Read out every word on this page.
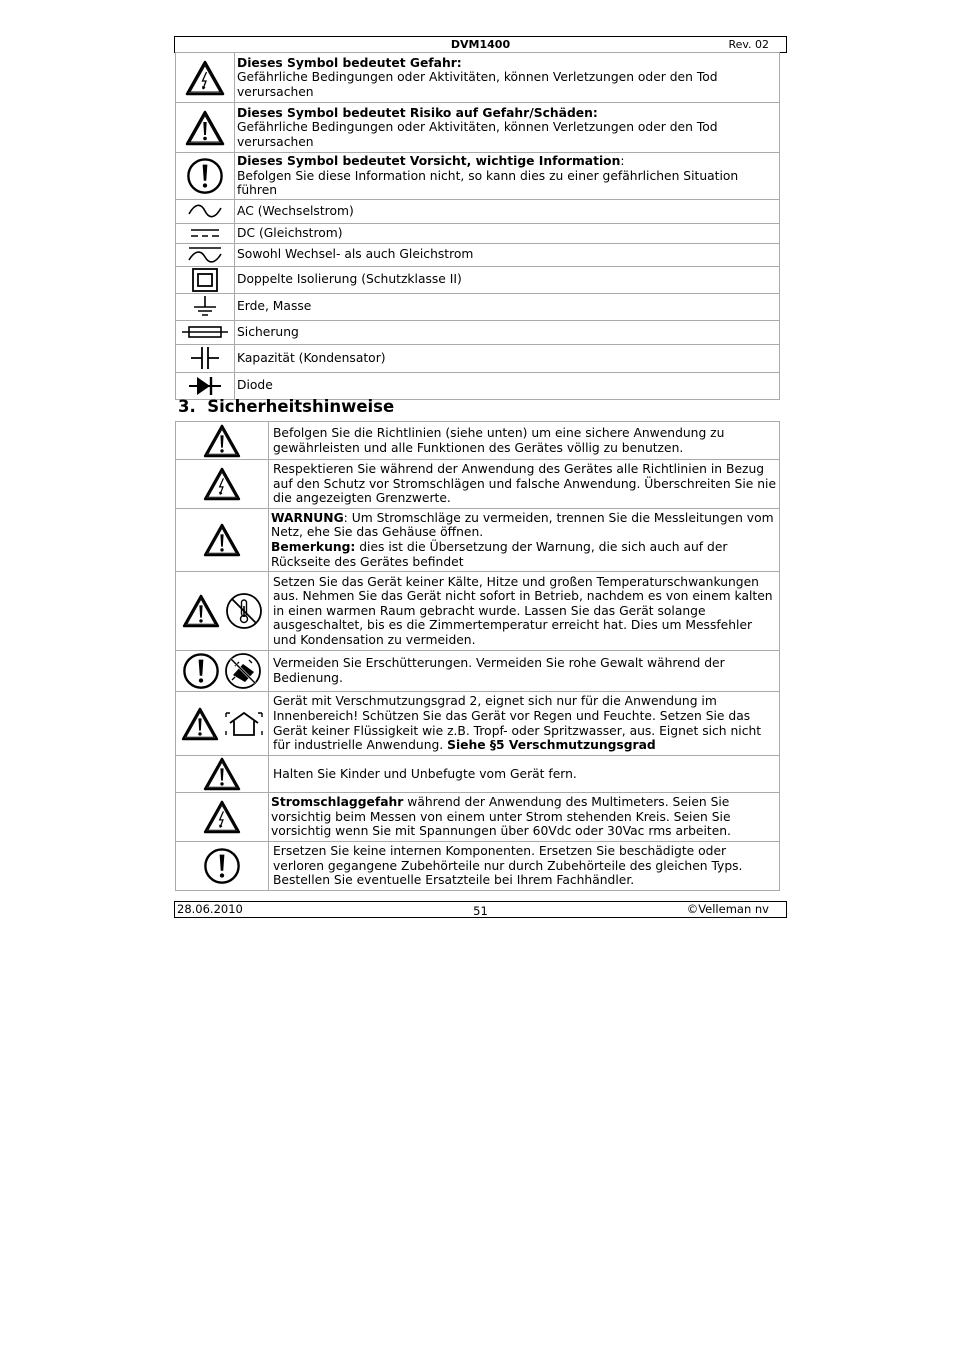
DVM1400	Rev. 02
	Dieses Symbol bedeutet Gefahr:
Gefährliche Bedingungen oder Aktivitäten, können Verletzungen oder den Tod verursachen
	Dieses Symbol bedeutet Risiko auf Gefahr/Schäden:
Gefährliche Bedingungen oder Aktivitäten, können Verletzungen oder den Tod verursachen
	Dieses Symbol bedeutet Vorsicht, wichtige Information:
Befolgen Sie diese Information nicht, so kann dies zu einer gefährlichen Situation führen
	AC (Wechselstrom)
	DC (Gleichstrom)
	Sowohl Wechsel- als auch Gleichstrom
	Doppelte Isolierung (Schutzklasse II)
	Erde, Masse
	Sicherung
	Kapazität (Kondensator)
	Diode
3. Sicherheitshinweise
	Befolgen Sie die Richtlinien (siehe unten) um eine sichere Anwendung zu gewährleisten und alle Funktionen des Gerätes völlig zu benutzen.
	Respektieren Sie während der Anwendung des Gerätes alle Richtlinien in Bezug auf den Schutz vor Stromschlägen und falsche Anwendung. Überschreiten Sie nie die angezeigten Grenzwerte.
	WARNUNG: Um Stromschläge zu vermeiden, trennen Sie die Messleitungen vom Netz, ehe Sie das Gehäuse öffnen.
Bemerkung: dies ist die Übersetzung der Warnung, die sich auch auf der Rückseite des Gerätes befindet
	Setzen Sie das Gerät keiner Kälte, Hitze und großen Temperaturschwankungen aus. Nehmen Sie das Gerät nicht sofort in Betrieb, nachdem es von einem kalten in einen warmen Raum gebracht wurde. Lassen Sie das Gerät solange ausgeschaltet, bis es die Zimmertemperatur erreicht hat. Dies um Messfehler und Kondensation zu vermeiden.
	Vermeiden Sie Erschütterungen. Vermeiden Sie rohe Gewalt während der Bedienung.
	Gerät mit Verschmutzungsgrad 2, eignet sich nur für die Anwendung im Innenbereich! Schützen Sie das Gerät vor Regen und Feuchte. Setzen Sie das Gerät keiner Flüssigkeit wie z.B. Tropf- oder Spritzwasser, aus. Eignet sich nicht für industrielle Anwendung. Siehe §5 Verschmutzungsgrad
	Halten Sie Kinder und Unbefugte vom Gerät fern.
	Stromschlaggefahr während der Anwendung des Multimeters. Seien Sie vorsichtig beim Messen von einem unter Strom stehenden Kreis. Seien Sie vorsichtig wenn Sie mit Spannungen über 60Vdc oder 30Vac rms arbeiten.
	Ersetzen Sie keine internen Komponenten. Ersetzen Sie beschädigte oder verloren gegangene Zubehörteile nur durch Zubehörteile des gleichen Typs. Bestellen Sie eventuelle Ersatzteile bei Ihrem Fachhändler.
28.06.2010	51	©Velleman nv
